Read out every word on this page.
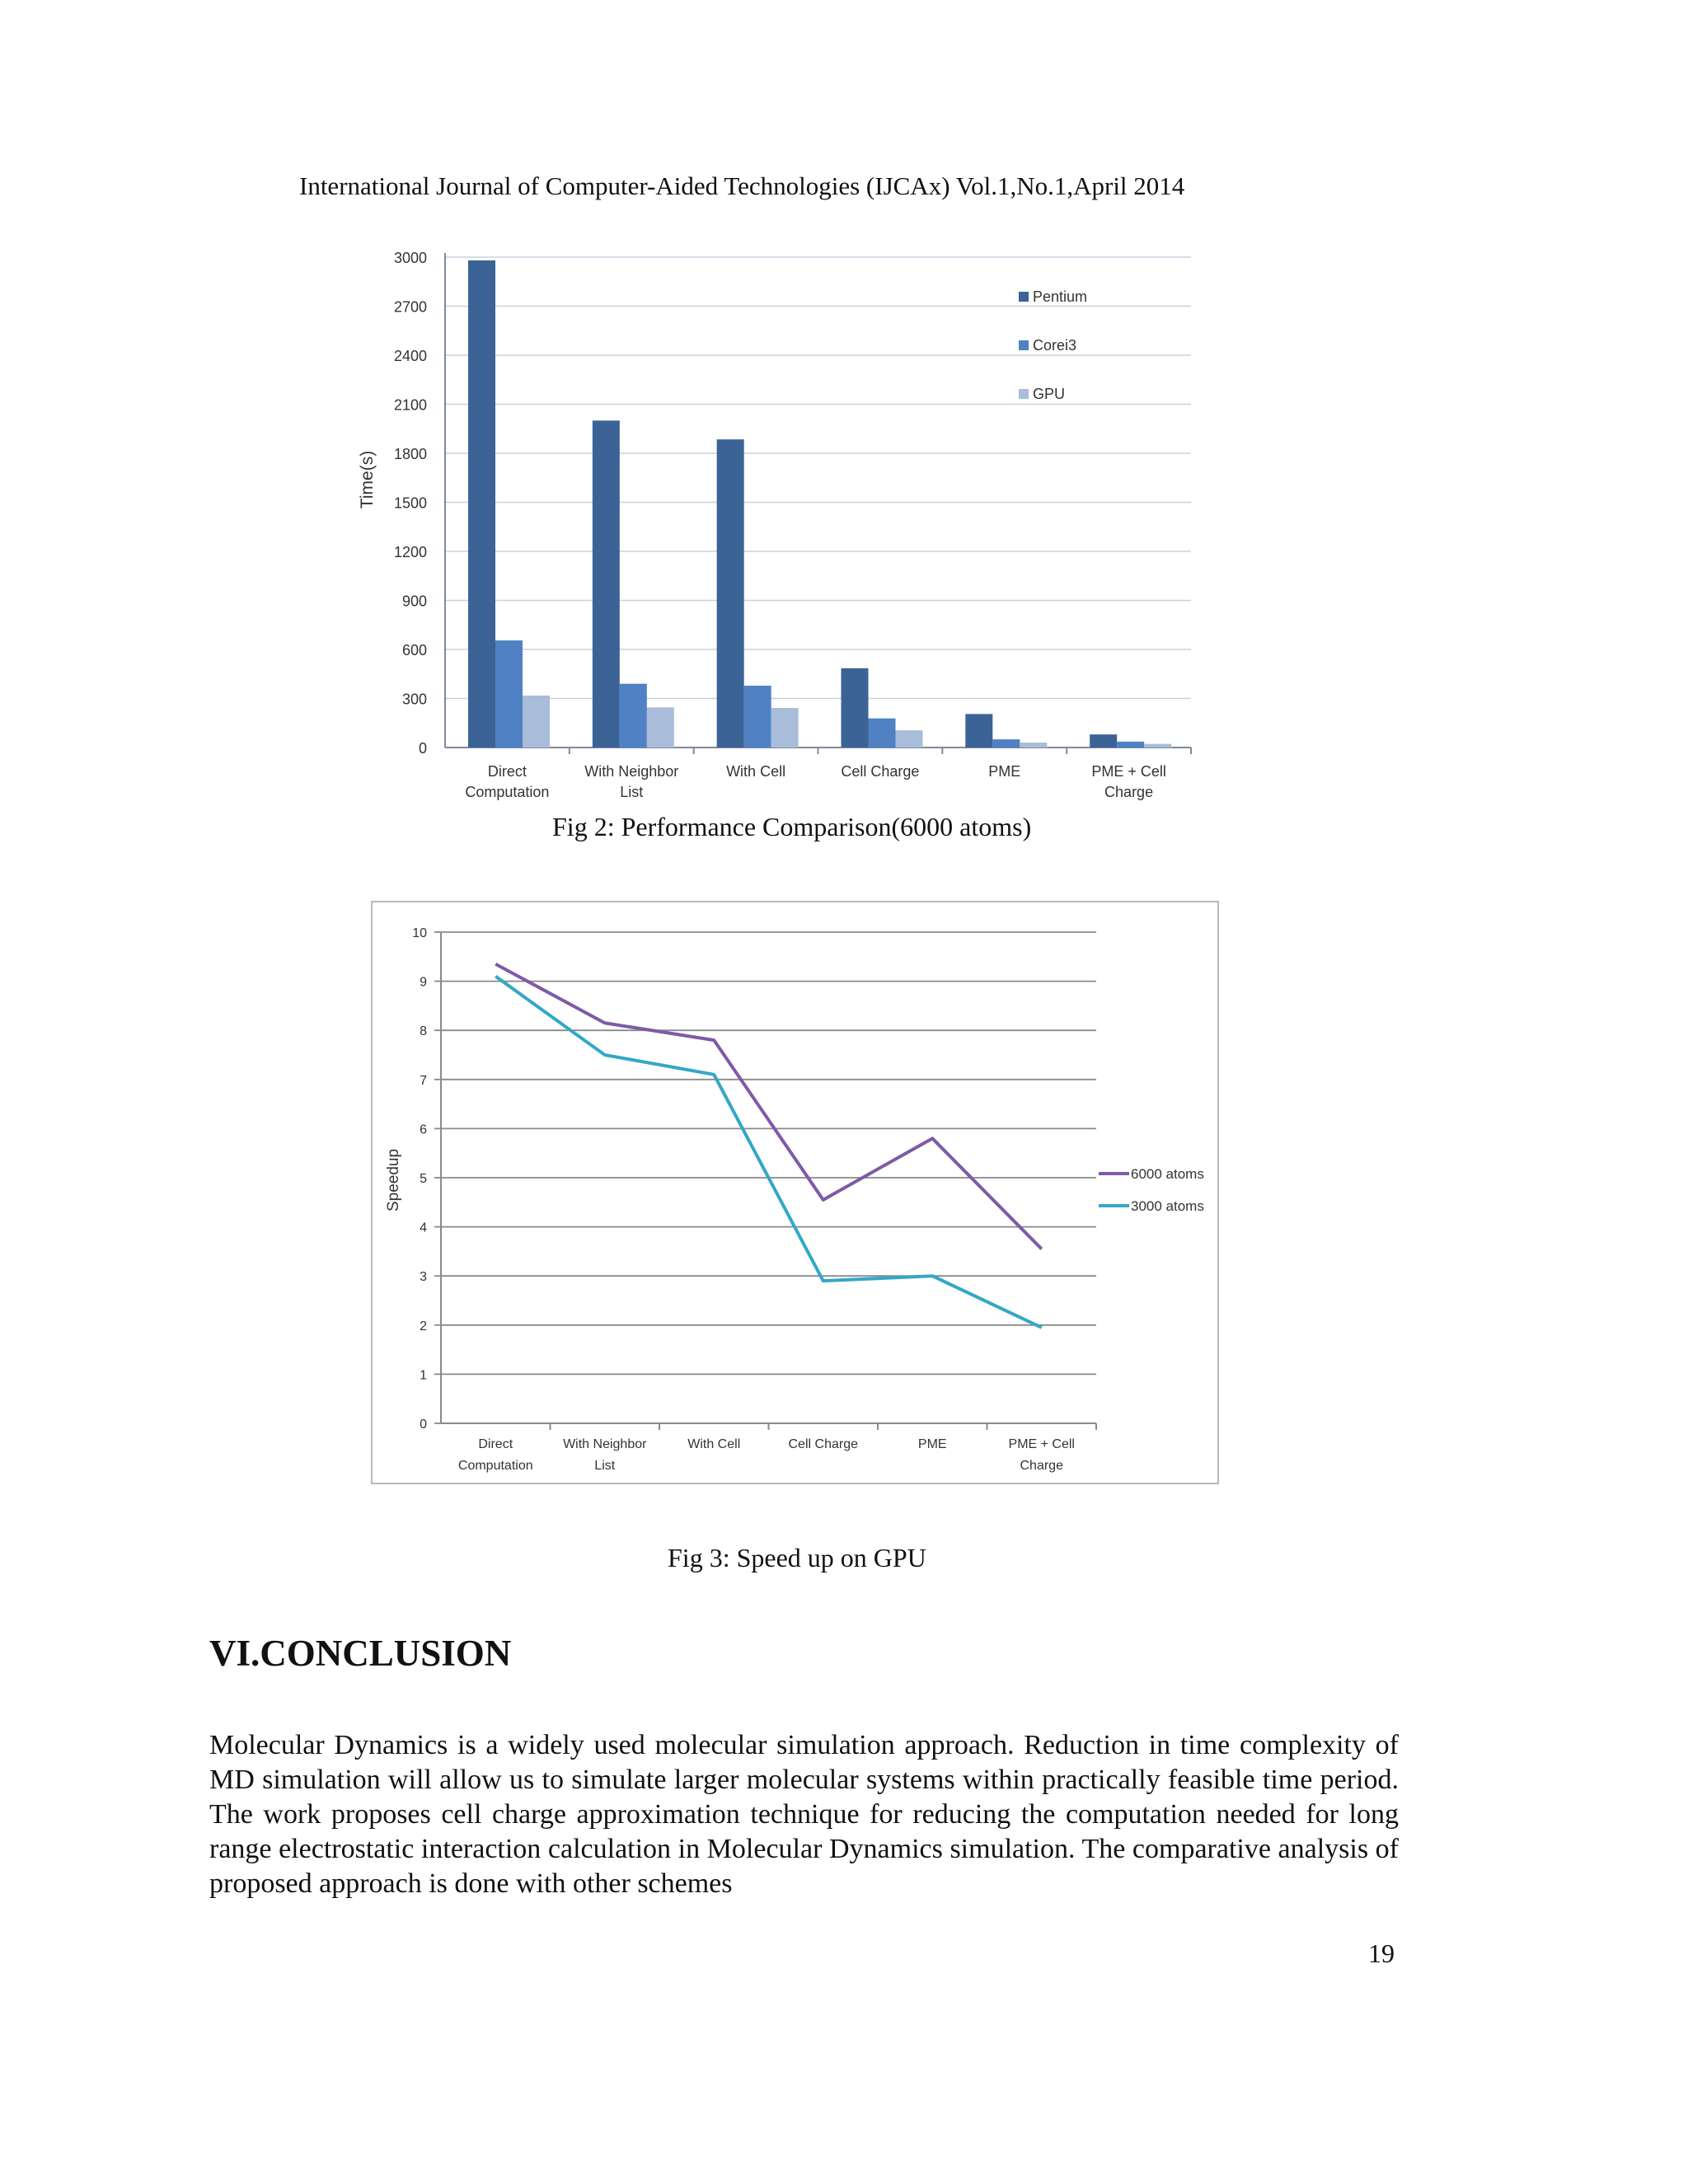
International Journal of Computer-Aided Technologies (IJCAx) Vol.1,No.1,April 2014
0
300
600
900
1200
1500
1800
2100
2400
2700
3000
Time(s)
Direct
Computation
With Neighbor
List
With Cell	Cell Charge	PME	PME + Cell
Charge
Pentium
Corei3
GPU
Fig 2: Performance Comparison(6000 atoms)
0
1
2
3
4
5
6
7
8
9
10
Speedup
Direct
Computation
With Neighbor
List
With Cell	Cell Charge	PME	PME + Cell
Charge
6000 atoms
3000 atoms
Fig 3: Speed up on GPU
VI.CONCLUSION

Molecular Dynamics is a widely used molecular simulation approach. Reduction in time complexity of MD simulation will allow us to simulate larger molecular systems within practically feasible time period. The work proposes cell charge approximation technique for reducing the computation needed for long range electrostatic interaction calculation in Molecular Dynamics simulation. The comparative analysis of proposed approach is done with other schemes

19
